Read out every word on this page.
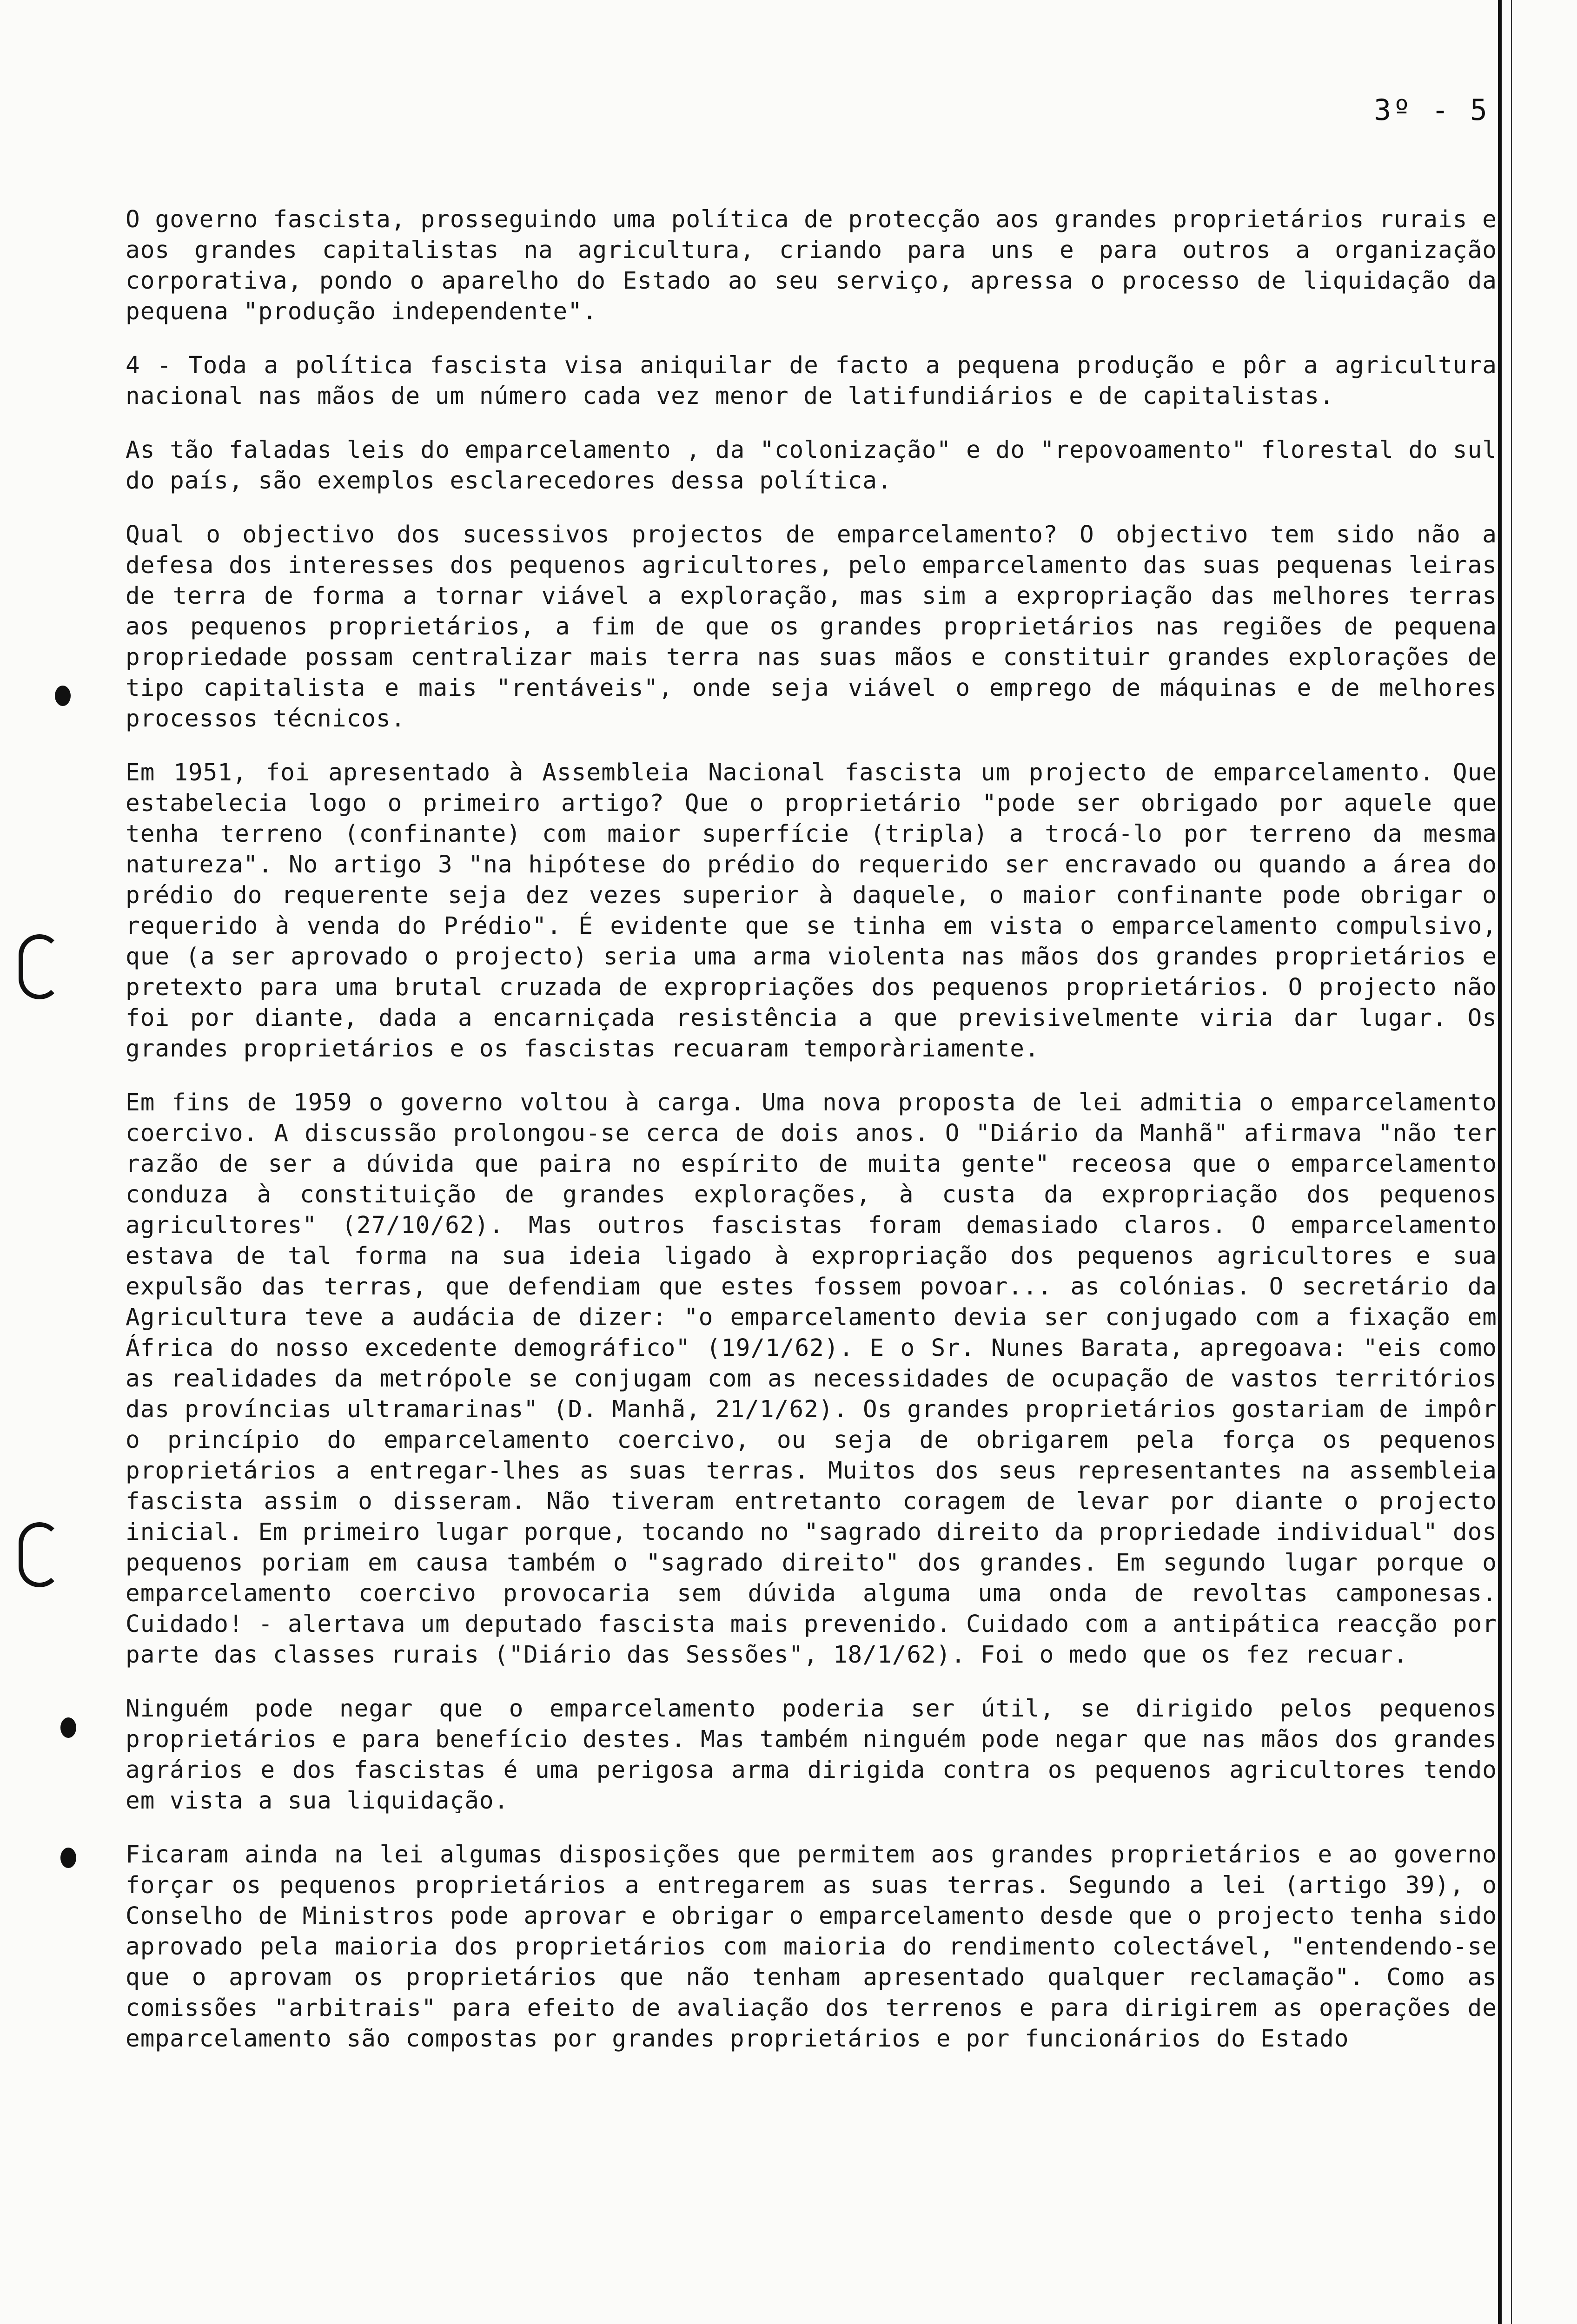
3º - 5

O governo fascista, prosseguindo uma política de protecção aos grandes proprietários rurais e aos grandes capitalistas na agricultura, criando para uns e para outros a organização corporativa, pondo o aparelho do Estado ao seu serviço, apressa o processo de liquidação da pequena "produção independente".

4 - Toda a política fascista visa aniquilar de facto a pequena produção e pôr a agricultura nacional nas mãos de um número cada vez menor de latifundiários e de capitalistas.

As tão faladas leis do emparcelamento , da "colonização" e do "repovoamento" florestal do sul do país, são exemplos esclarecedores dessa política.

Qual o objectivo dos sucessivos projectos de emparcelamento? O objectivo tem sido não a defesa dos interesses dos pequenos agricultores, pelo emparcelamento das suas pequenas leiras de terra de forma a tornar viável a exploração, mas sim a expropriação das melhores terras aos pequenos proprietários, a fim de que os grandes proprietários nas regiões de pequena propriedade possam centralizar mais terra nas suas mãos e constituir grandes explorações de tipo capitalista e mais "rentáveis", onde seja viável o emprego de máquinas e de melhores processos técnicos.

Em 1951, foi apresentado à Assembleia Nacional fascista um projecto de emparcelamento. Que estabelecia logo o primeiro artigo? Que o proprietário "pode ser obrigado por aquele que tenha terreno (confinante) com maior superfície (tripla) a trocá-lo por terreno da mesma natureza". No artigo 3 "na hipótese do prédio do requerido ser encravado ou quando a área do prédio do requerente seja dez vezes superior à daquele, o maior confinante pode obrigar o requerido à venda do Prédio". É evidente que se tinha em vista o emparcelamento compulsivo, que (a ser aprovado o projecto) seria uma arma violenta nas mãos dos grandes proprietários e pretexto para uma brutal cruzada de expropriações dos pequenos proprietários. O projecto não foi por diante, dada a encarniçada resistência a que previsivelmente viria dar lugar. Os grandes proprietários e os fascistas recuaram temporàriamente.

Em fins de 1959 o governo voltou à carga. Uma nova proposta de lei admitia o emparcelamento coercivo. A discussão prolongou-se cerca de dois anos. O "Diário da Manhã" afirmava "não ter razão de ser a dúvida que paira no espírito de muita gente" receosa que o emparcelamento conduza à constituição de grandes explorações, à custa da expropriação dos pequenos agricultores" (27/10/62). Mas outros fascistas foram demasiado claros. O emparcelamento estava de tal forma na sua ideia ligado à expropriação dos pequenos agricultores e sua expulsão das terras, que defendiam que estes fossem povoar... as colónias. O secretário da Agricultura teve a audácia de dizer: "o emparcelamento devia ser conjugado com a fixação em África do nosso excedente demográfico" (19/1/62). E o Sr. Nunes Barata, apregoava: "eis como as realidades da metrópole se conjugam com as necessidades de ocupação de vastos territórios das províncias ultramarinas" (D. Manhã, 21/1/62). Os grandes proprietários gostariam de impôr o princípio do emparcelamento coercivo, ou seja de obrigarem pela força os pequenos proprietários a entregar-lhes as suas terras. Muitos dos seus representantes na assembleia fascista assim o disseram. Não tiveram entretanto coragem de levar por diante o projecto inicial. Em primeiro lugar porque, tocando no "sagrado direito da propriedade individual" dos pequenos poriam em causa também o "sagrado direito" dos grandes. Em segundo lugar porque o emparcelamento coercivo provocaria sem dúvida alguma uma onda de revoltas camponesas. Cuidado! - alertava um deputado fascista mais prevenido. Cuidado com a antipática reacção por parte das classes rurais ("Diário das Sessões", 18/1/62). Foi o medo que os fez recuar.

Ninguém pode negar que o emparcelamento poderia ser útil, se dirigido pelos pequenos proprietários e para benefício destes. Mas também ninguém pode negar que nas mãos dos grandes agrários e dos fascistas é uma perigosa arma dirigida contra os pequenos agricultores tendo em vista a sua liquidação.

Ficaram ainda na lei algumas disposições que permitem aos grandes proprietários e ao governo forçar os pequenos proprietários a entregarem as suas terras. Segundo a lei (artigo 39), o Conselho de Ministros pode aprovar e obrigar o emparcelamento desde que o projecto tenha sido aprovado pela maioria dos proprietários com maioria do rendimento colectável, "entendendo-se que o aprovam os proprietários que não tenham apresentado qualquer reclamação". Como as comissões "arbitrais" para efeito de avaliação dos terrenos e para dirigirem as operações de emparcelamento são compostas por grandes proprietários e por funcionários do Estado
